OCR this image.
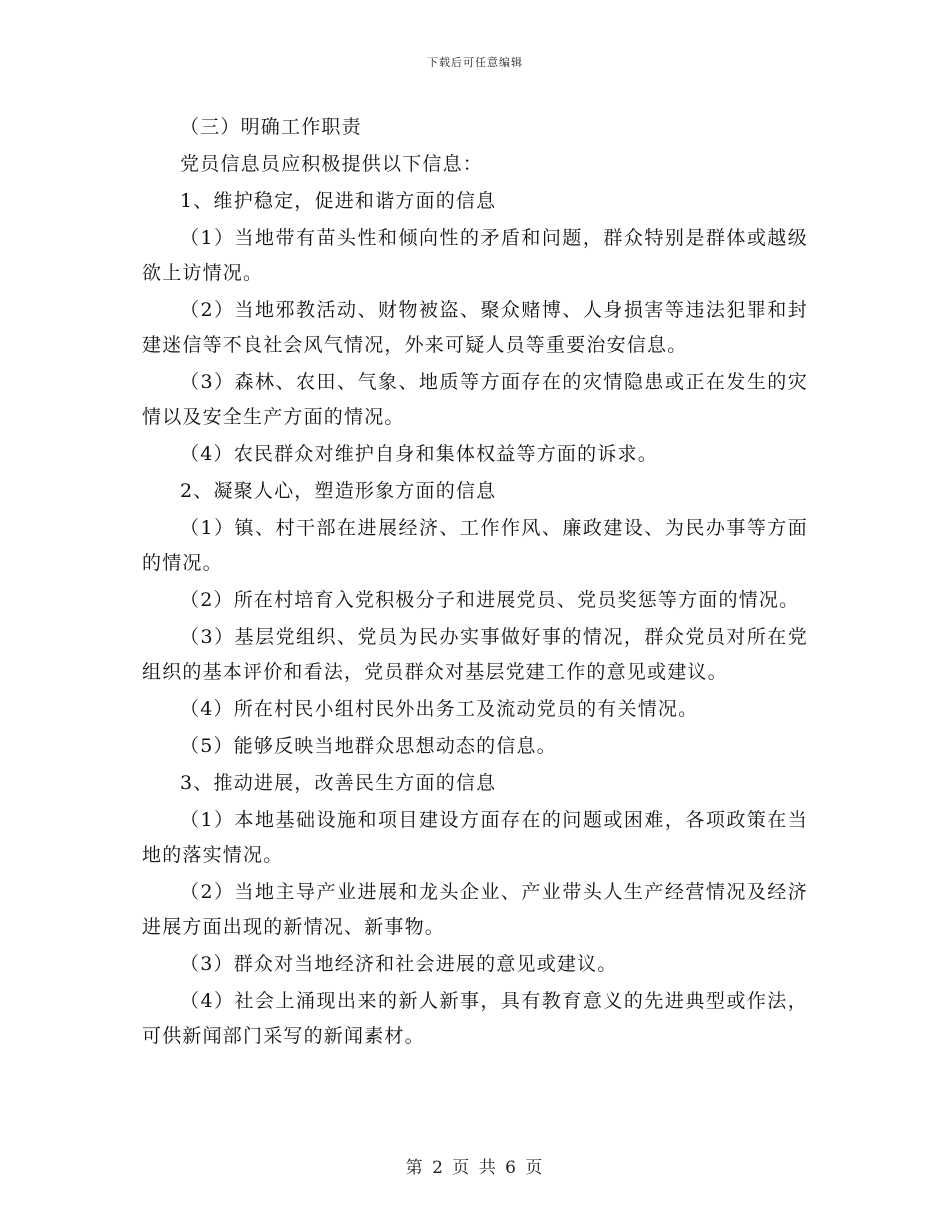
下载后可任意编辑

（三）明确工作职责

党员信息员应积极提供以下信息：

1、维护稳定，促进和谐方面的信息

（1）当地带有苗头性和倾向性的矛盾和问题，群众特别是群体或越级欲上访情况。

（2）当地邪教活动、财物被盗、聚众赌博、人身损害等违法犯罪和封建迷信等不良社会风气情况，外来可疑人员等重要治安信息。

（3）森林、农田、气象、地质等方面存在的灾情隐患或正在发生的灾情以及安全生产方面的情况。

（4）农民群众对维护自身和集体权益等方面的诉求。

2、凝聚人心，塑造形象方面的信息

（1）镇、村干部在进展经济、工作作风、廉政建设、为民办事等方面的情况。

（2）所在村培育入党积极分子和进展党员、党员奖惩等方面的情况。

（3）基层党组织、党员为民办实事做好事的情况，群众党员对所在党组织的基本评价和看法，党员群众对基层党建工作的意见或建议。

（4）所在村民小组村民外出务工及流动党员的有关情况。

（5）能够反映当地群众思想动态的信息。

3、推动进展，改善民生方面的信息

（1）本地基础设施和项目建设方面存在的问题或困难，各项政策在当地的落实情况。

（2）当地主导产业进展和龙头企业、产业带头人生产经营情况及经济进展方面出现的新情况、新事物。

（3）群众对当地经济和社会进展的意见或建议。

（4）社会上涌现出来的新人新事，具有教育意义的先进典型或作法，可供新闻部门采写的新闻素材。

第 2 页 共 6 页
